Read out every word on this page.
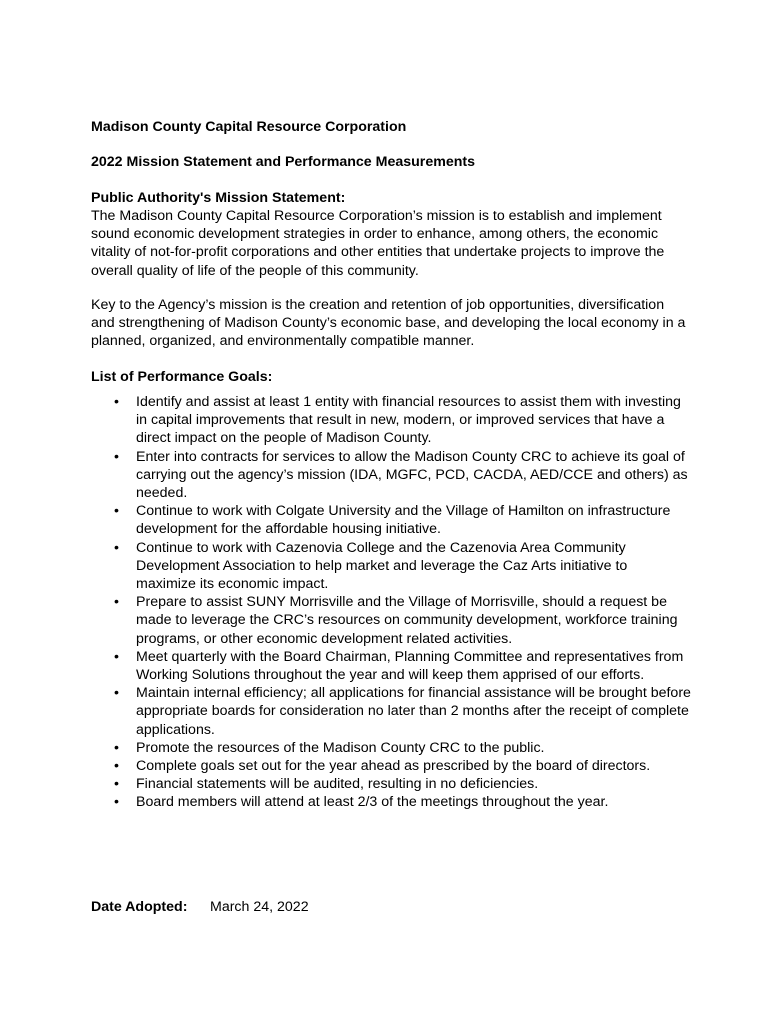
Madison County Capital Resource Corporation
2022 Mission Statement and Performance Measurements
Public Authority's Mission Statement:

The Madison County Capital Resource Corporation’s mission is to establish and implement sound economic development strategies in order to enhance, among others, the economic vitality of not-for-profit corporations and other entities that undertake projects to improve the overall quality of life of the people of this community.

Key to the Agency’s mission is the creation and retention of job opportunities, diversification and strengthening of Madison County’s economic base, and developing the local economy in a planned, organized, and environmentally compatible manner.

List of Performance Goals:
• Identify and assist at least 1 entity with financial resources to assist them with investing in capital improvements that result in new, modern, or improved services that have a direct impact on the people of Madison County.
• Enter into contracts for services to allow the Madison County CRC to achieve its goal of carrying out the agency’s mission (IDA, MGFC, PCD, CACDA, AED/CCE and others) as needed.
• Continue to work with Colgate University and the Village of Hamilton on infrastructure development for the affordable housing initiative.
• Continue to work with Cazenovia College and the Cazenovia Area Community Development Association to help market and leverage the Caz Arts initiative to maximize its economic impact.
• Prepare to assist SUNY Morrisville and the Village of Morrisville, should a request be made to leverage the CRC’s resources on community development, workforce training programs, or other economic development related activities.
• Meet quarterly with the Board Chairman, Planning Committee and representatives from Working Solutions throughout the year and will keep them apprised of our efforts.
• Maintain internal efficiency; all applications for financial assistance will be brought before appropriate boards for consideration no later than 2 months after the receipt of complete applications.
• Promote the resources of the Madison County CRC to the public.
• Complete goals set out for the year ahead as prescribed by the board of directors.
• Financial statements will be audited, resulting in no deficiencies.
• Board members will attend at least 2/3 of the meetings throughout the year.
Date Adopted: March 24, 2022
